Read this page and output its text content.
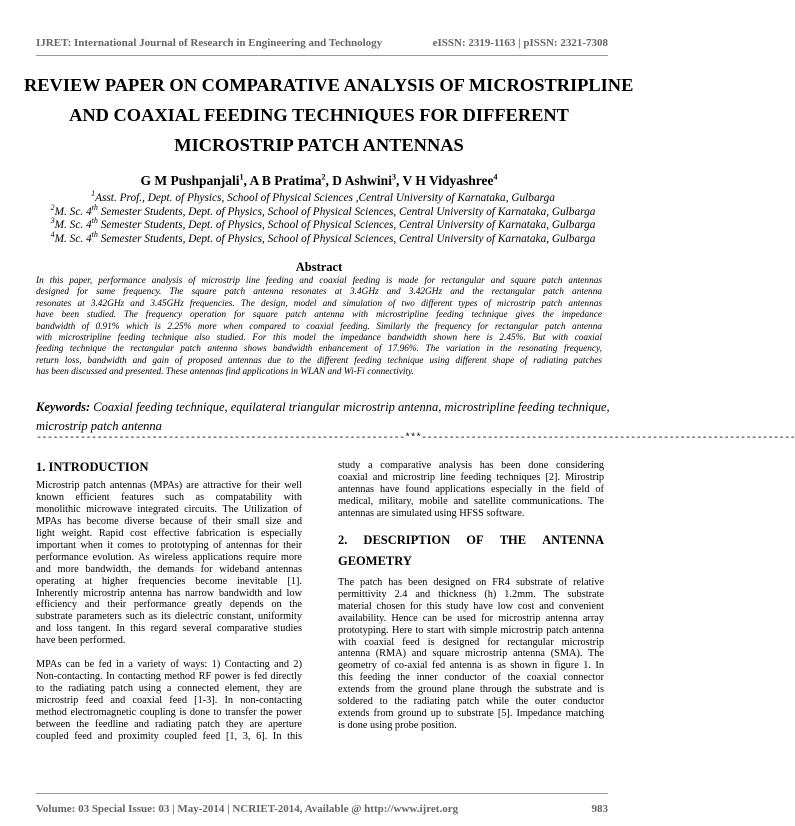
IJRET: International Journal of Research in Engineering and Technology	eISSN: 2319-1163 | pISSN: 2321-7308
REVIEW PAPER ON COMPARATIVE ANALYSIS OF MICROSTRIPLINE
AND COAXIAL FEEDING TECHNIQUES FOR DIFFERENT
MICROSTRIP PATCH ANTENNAS
G M Pushpanjali$^1$, A B Pratima$^2$, D Ashwini$^3$, V H Vidyashree$^4$
$^1$Asst. Prof., Dept. of Physics, School of Physical Sciences ,Central University of Karnataka, Gulbarga
$^2$M. Sc. 4th Semester Students, Dept. of Physics, School of Physical Sciences, Central University of Karnataka, Gulbarga
$^3$M. Sc. 4th Semester Students, Dept. of Physics, School of Physical Sciences, Central University of Karnataka, Gulbarga
$^4$M. Sc. 4th Semester Students, Dept. of Physics, School of Physical Sciences, Central University of Karnataka, Gulbarga
Abstract
In this paper, performance analysis of microstrip line feeding and coaxial feeding is made for rectangular and square patch antennas
designed for same frequency. The square patch antenna resonates at 3.4GHz and 3.42GHz and the rectangular patch antenna
resonates at 3.42GHz and 3.45GHz frequencies. The design, model and simulation of two different types of microstrip patch antennas
have been studied. The frequency operation for square patch antenna with microstripline feeding technique gives the impedance
bandwidth of 0.91% which is 2.25% more when compared to coaxial feeding. Similarly the frequency for rectangular patch antenna
with microstripline feeding technique also studied. For this model the impedance bandwidth shown here is 2.45%. But with coaxial
feeding technique the rectangular patch antenna shows bandwidth enhancement of 17.96%. The variation in the resonating frequency,
return loss, bandwidth and gain of proposed antennas due to the different feeding technique using different shape of radiating patches
has been discussed and presented. These antennas find applications in WLAN and Wi-Fi connectivity.
Keywords: Coaxial feeding technique, equilateral triangular microstrip antenna, microstripline feeding technique,
microstrip patch antenna
-------------------------------------------------------------------***--------------------------------------------------------------------
1. INTRODUCTION
Microstrip patch antennas (MPAs) are attractive for their well
known efficient features such as compatability with
monolithic microwave integrated circuits. The Utilization of
MPAs has become diverse because of their small size and
light weight. Rapid cost effective fabrication is especially
important when it comes to prototyping of antennas for their
performance evolution. As wireless applications require more
and more bandwidth, the demands for wideband antennas
operating at higher frequencies become inevitable [1].
Inherently microstrip antenna has narrow bandwidth and low
efficiency and their performance greatly depends on the
substrate parameters such as its dielectric constant, uniformity
and loss tangent. In this regard several comparative studies
have been performed.
MPAs can be fed in a variety of ways: 1) Contacting and 2)
Non-contacting. In contacting method RF power is fed directly
to the radiating patch using a connected element, they are
microstrip feed and coaxial feed [1-3]. In non-contacting
method electromagnetic coupling is done to transfer the power
between the feedline and radiating patch they are aperture
coupled feed and proximity coupled feed [1, 3, 6]. In this
study a comparative analysis has been done considering
coaxial and microstrip line feeding techniques [2]. Mirostrip
antennas have found applications especially in the field of
medical, military, mobile and satellite communications. The
antennas are simulated using HFSS software.
2. DESCRIPTION OF THE ANTENNA
GEOMETRY
The patch has been designed on FR4 substrate of relative
permittivity 2.4 and thickness (h) 1.2mm. The substrate
material chosen for this study have low cost and convenient
availability. Hence can be used for microstrip antenna array
prototyping. Here to start with simple microstrip patch antenna
with coaxial feed is designed for rectangular microstrip
antenna (RMA) and square microstrip antenna (SMA). The
geometry of co-axial fed antenna is as shown in figure 1. In
this feeding the inner conductor of the coaxial connector
extends from the ground plane through the substrate and is
soldered to the radiating patch while the outer conductor
extends from ground up to substrate [5]. Impedance matching
is done using probe position.
Volume: 03 Special Issue: 03 | May-2014 | NCRIET-2014, Available @ http://www.ijret.org	983
